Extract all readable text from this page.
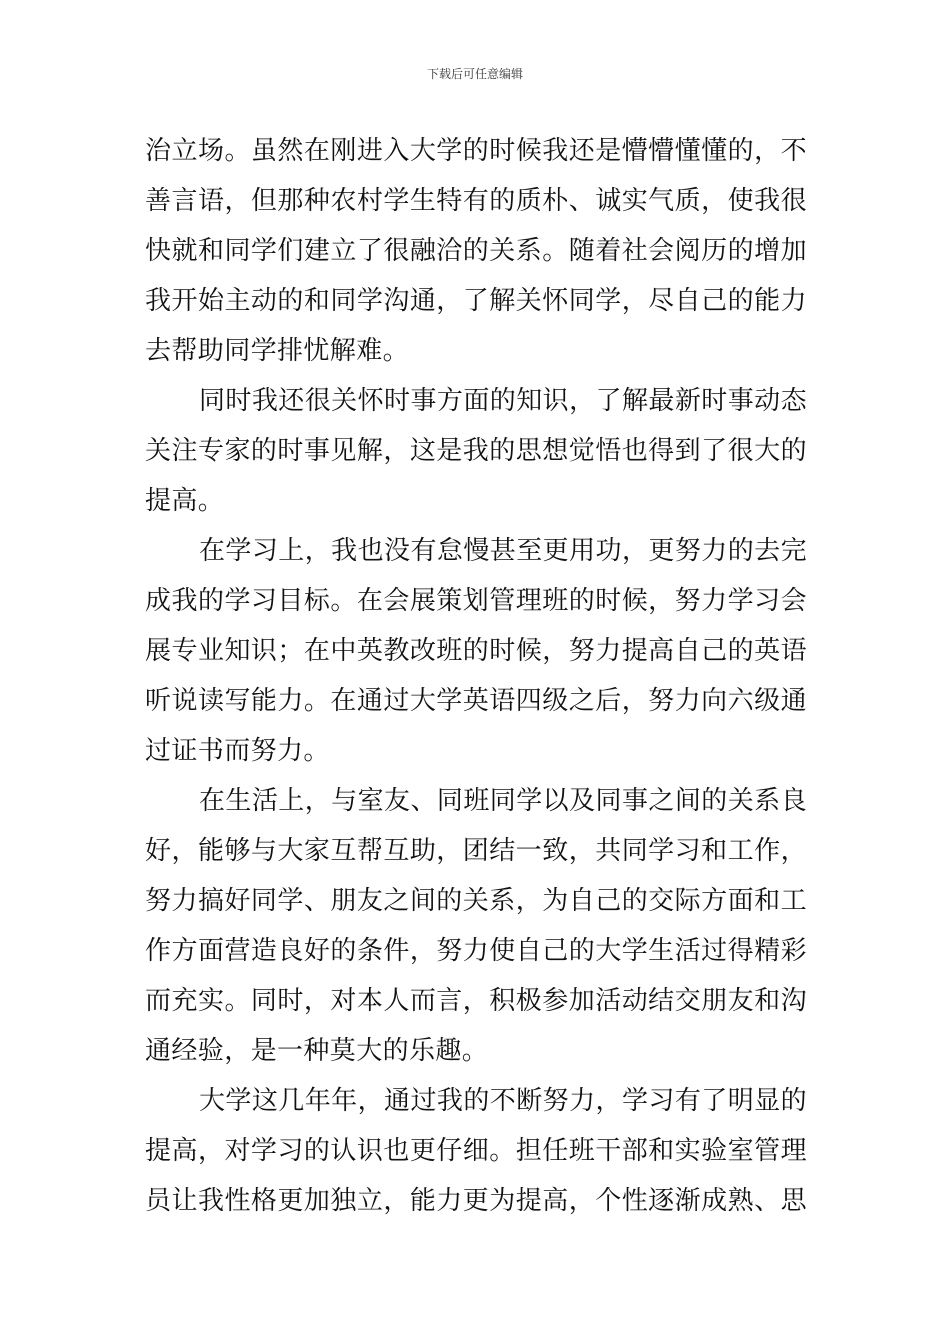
下载后可任意编辑
治立场。虽然在刚进入大学的时候我还是懵懵懂懂的，不
善言语，但那种农村学生特有的质朴、诚实气质，使我很
快就和同学们建立了很融洽的关系。随着社会阅历的增加
我开始主动的和同学沟通，了解关怀同学，尽自己的能力
去帮助同学排忧解难。
同时我还很关怀时事方面的知识，了解最新时事动态
关注专家的时事见解，这是我的思想觉悟也得到了很大的
提高。
在学习上，我也没有怠慢甚至更用功，更努力的去完
成我的学习目标。在会展策划管理班的时候，努力学习会
展专业知识；在中英教改班的时候，努力提高自己的英语
听说读写能力。在通过大学英语四级之后，努力向六级通
过证书而努力。
在生活上，与室友、同班同学以及同事之间的关系良
好，能够与大家互帮互助，团结一致，共同学习和工作，
努力搞好同学、朋友之间的关系，为自己的交际方面和工
作方面营造良好的条件，努力使自己的大学生活过得精彩
而充实。同时，对本人而言，积极参加活动结交朋友和沟
通经验，是一种莫大的乐趣。
大学这几年年，通过我的不断努力，学习有了明显的
提高，对学习的认识也更仔细。担任班干部和实验室管理
员让我性格更加独立，能力更为提高，个性逐渐成熟、思
